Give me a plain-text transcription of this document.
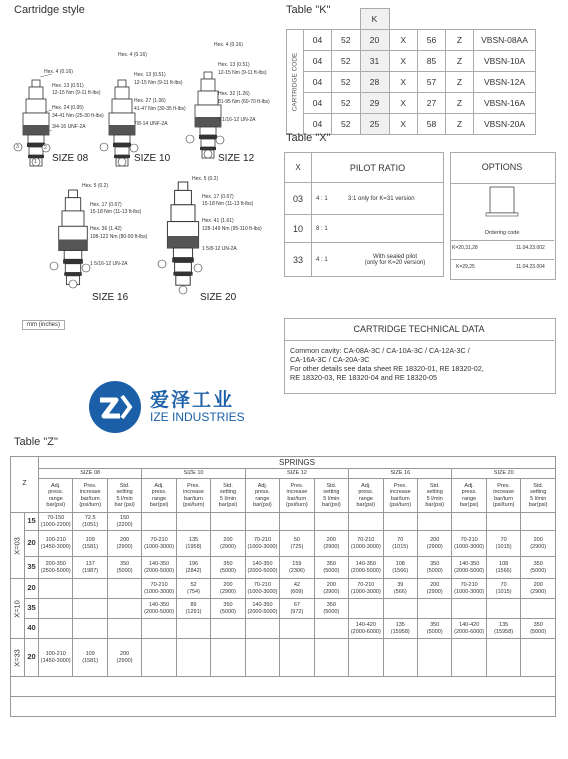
Cartridge style
3	2
1
Hex. 4 (0.16)
Hex. 13 (0.51)
12-15 Nm (9-11 ft-lbs)
Hex. 24 (0.95)
34-41 Nm (25-30 ft-lbs)
3/4-16 UNF-2A
SIZE 08
Hex. 4 (0.16)
Hex. 13 (0.51)
12-15 Nm (9-11 ft-lbs)
Hex. 27 (1.06)
41-47 Nm (30-35 ft-lbs)
7/8-14 UNF-2A
SIZE 10
Hex. 4 (0.16)
Hex. 13 (0.51)
12-15 Nm (9-11 ft-lbs)
Hex. 32 (1.26)
81-95 Nm (60-70 ft-lbs)
1 1/16-12 UN-2A
SIZE 12
Hex. 5 (0.2)
Hex. 17 (0.67)
15-18 Nm (11-13 ft-lbs)
Hex. 36 (1.42)
108-122 Nm (80-90 ft-lbs)
1 5/16-12 UN-2A
SIZE 16
Hex. 5 (0.2)
Hex. 17 (0.67)
15-18 Nm (11-13 ft-lbs)
Hex. 41 (1.61)
128-149 Nm (95-110 ft-lbs)
1 5/8-12 UN-2A
SIZE 20
mm (inches)
Table "K"
			K				

CARTRIDGE CODE	04	52	20	X	56	Z	VBSN-08AA
	04	52	31	X	85	Z	VBSN-10A
	04	52	28	X	57	Z	VBSN-12A
	04	52	29	X	27	Z	VBSN-16A
	04	52	25	X	58	Z	VBSN-20A
Table "X"
X	PILOT RATIO	
03	4 : 1	3:1 only for K=31 version
10	8 : 1	
33	4 : 1	With sealed pilot
(only for K=20 version)
OPTIONS
Ordering code
K=20,31,28	11.04.23.002
K=29,25	11.04.23.004
CARTRIDGE TECHNICAL DATA
Common cavity: CA-08A-3C / CA-10A-3C / CA-12A-3C /
CA-16A-3C / CA-20A-3C
For other details see data sheet RE 18320-01, RE 18320-02,
RE 18320-03, RE 18320-04 and RE 18320-05
爱泽工业
IZE INDUSTRIES
Table "Z"
Z		SPRINGS														
		SIZE 08			SIZE 10			SIZE 12			SIZE 16			SIZE 20		
		Adj.
press.
range
bar(psi)	Pres.
increase
bar/turn
(psi/turn)	Std.
setting
5 l/min
bar (psi)	Adj.
press.
range
bar(psi)	Pres.
increase
bar/turn
(psi/turn)	Std.
setting
5 l/min
bar(psi)	Adj.
press.
range
bar(psi)	Pres.
increase
bar/turn
(psi/turn)	Std.
setting
5 l/min
bar(psi)	Adj.
press.
range
bar(psi)	Pres.
increase
bar/turn
(psi/turn)	Std.
setting
5 l/min
bar(psi)	Adj.
press.
range
bar(psi)	Pres.
increase
bar/turn
(psi/turn)	Std.
setting
5 l/min
bar(psi)

X=03	15	70-150
(1000-2200)	72.5
(1051)	150
(2200)												
	20	100-210
(1450-3000)	109
(1581)	200
(2900)	70-210
(1000-3000)	135
(1958)	200
(2900)	70-210
(1000-3000)	50
(725)	200
(2900)	70-210
(1000-3000)	70
(1015)	200
(2900)	70-210
(1000-3000)	70
(1015)	200
(2900)
	35	200-350
(2500-5000)	137
(1987)	350
(5000)	140-350
(2000-5000)	196
(2842)	350
(5000)	140-350
(2000-5000)	159
(2306)	350
(5000)	140-350
(2000-5000)	108
(1566)	350
(5000)	140-350
(2000-5000)	108
(1566)	350
(5000)

X=10	20				70-210
(1000-3000)	52
(754)	200
(2900)	70-210
(1000-3000)	42
(609)	200
(2900)	70-210
(1000-3000)	39
(566)	200
(2900)	70-210
(1000-3000)	70
(1015)	200
(2900)
	35				140-350
(2000-5000)	89
(1291)	350
(5000)	140-350
(2000-5000)	67
(972)	350
(5000)						
	40										140-420
(2000-6000)	135
(15958)	350
(5000)	140-420
(2000-6000)	135
(15958)	350
(5000)

X=33	20	100-210
(1450-3000)	109
(1581)	200
(2900)												
